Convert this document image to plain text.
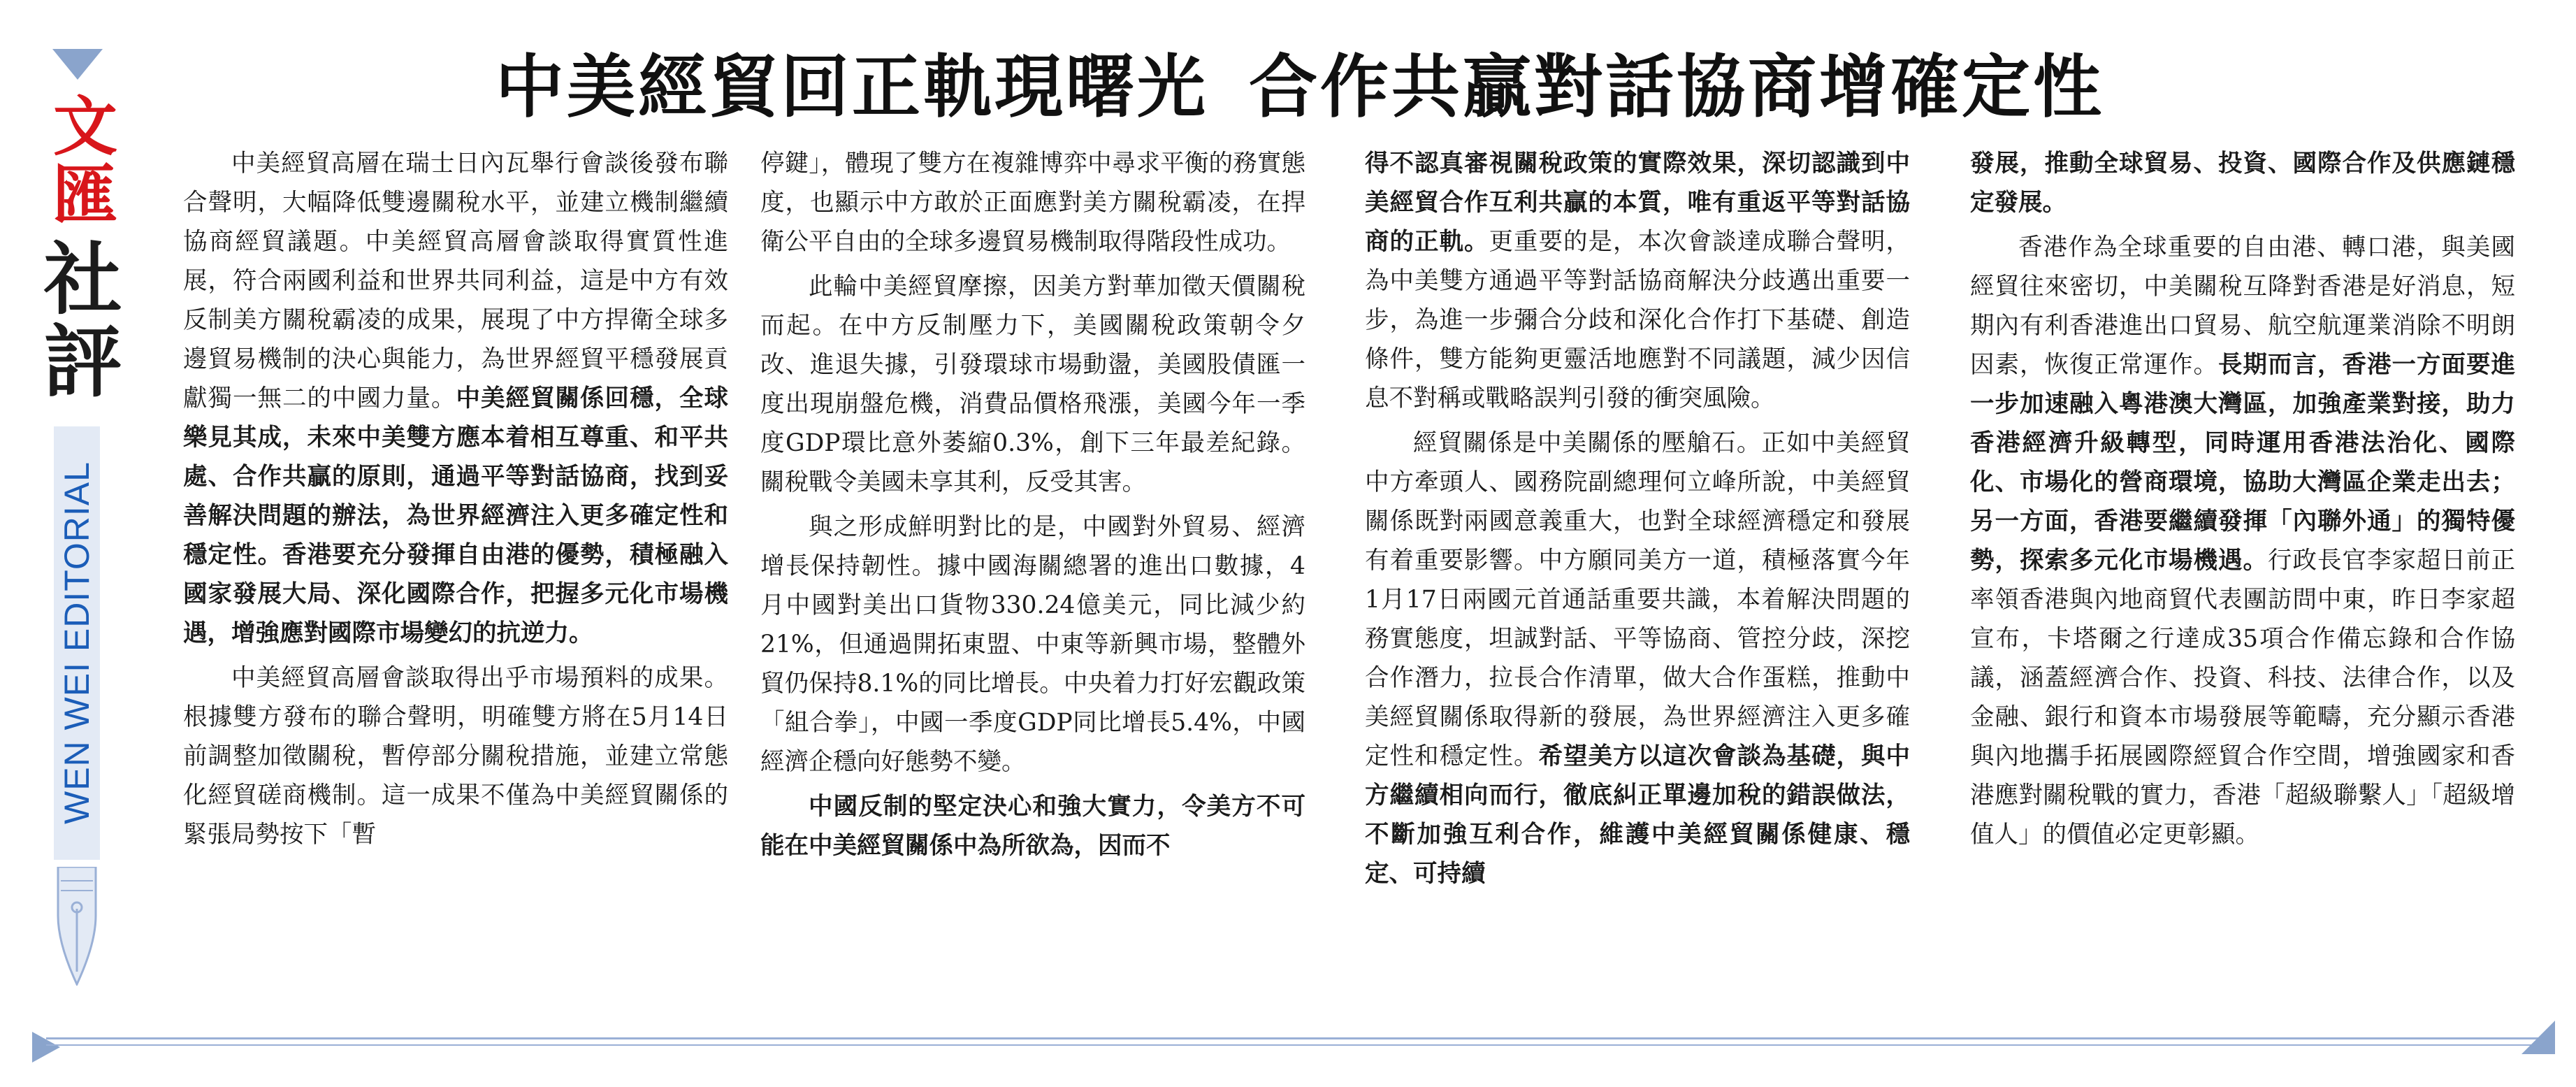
文匯
社評
WEN WEI EDITORIAL
中美經貿回正軌現曙光 合作共贏對話協商增確定性

中美經貿高層在瑞士日內瓦舉行會談後發布聯合聲明，大幅降低雙邊關稅水平，並建立機制繼續協商經貿議題。中美經貿高層會談取得實質性進展，符合兩國利益和世界共同利益，這是中方有效反制美方關稅霸凌的成果，展現了中方捍衛全球多邊貿易機制的決心與能力，為世界經貿平穩發展貢獻獨一無二的中國力量。中美經貿關係回穩，全球樂見其成，未來中美雙方應本着相互尊重、和平共處、合作共贏的原則，通過平等對話協商，找到妥善解決問題的辦法，為世界經濟注入更多確定性和穩定性。香港要充分發揮自由港的優勢，積極融入國家發展大局、深化國際合作，把握多元化市場機遇，增強應對國際市場變幻的抗逆力。

中美經貿高層會談取得出乎市場預料的成果。根據雙方發布的聯合聲明，明確雙方將在5月14日前調整加徵關稅，暫停部分關稅措施，並建立常態化經貿磋商機制。這一成果不僅為中美經貿關係的緊張局勢按下「暫

停鍵」，體現了雙方在複雜博弈中尋求平衡的務實態度，也顯示中方敢於正面應對美方關稅霸凌，在捍衛公平自由的全球多邊貿易機制取得階段性成功。

此輪中美經貿摩擦，因美方對華加徵天價關稅而起。在中方反制壓力下，美國關稅政策朝令夕改、進退失據，引發環球市場動盪，美國股債匯一度出現崩盤危機，消費品價格飛漲，美國今年一季度GDP環比意外萎縮0.3%，創下三年最差紀錄。關稅戰令美國未享其利，反受其害。

與之形成鮮明對比的是，中國對外貿易、經濟增長保持韌性。據中國海關總署的進出口數據，4月中國對美出口貨物330.24億美元，同比減少約21%，但通過開拓東盟、中東等新興市場，整體外貿仍保持8.1%的同比增長。中央着力打好宏觀政策「組合拳」，中國一季度GDP同比增長5.4%，中國經濟企穩向好態勢不變。

中國反制的堅定決心和強大實力，令美方不可能在中美經貿關係中為所欲為，因而不

得不認真審視關稅政策的實際效果，深切認識到中美經貿合作互利共贏的本質，唯有重返平等對話協商的正軌。更重要的是，本次會談達成聯合聲明，為中美雙方通過平等對話協商解決分歧邁出重要一步，為進一步彌合分歧和深化合作打下基礎、創造條件，雙方能夠更靈活地應對不同議題，減少因信息不對稱或戰略誤判引發的衝突風險。

經貿關係是中美關係的壓艙石。正如中美經貿中方牽頭人、國務院副總理何立峰所說，中美經貿關係既對兩國意義重大，也對全球經濟穩定和發展有着重要影響。中方願同美方一道，積極落實今年1月17日兩國元首通話重要共識，本着解決問題的務實態度，坦誠對話、平等協商、管控分歧，深挖合作潛力，拉長合作清單，做大合作蛋糕，推動中美經貿關係取得新的發展，為世界經濟注入更多確定性和穩定性。希望美方以這次會談為基礎，與中方繼續相向而行，徹底糾正單邊加稅的錯誤做法，不斷加強互利合作，維護中美經貿關係健康、穩定、可持續

發展，推動全球貿易、投資、國際合作及供應鏈穩定發展。

香港作為全球重要的自由港、轉口港，與美國經貿往來密切，中美關稅互降對香港是好消息，短期內有利香港進出口貿易、航空航運業消除不明朗因素，恢復正常運作。長期而言，香港一方面要進一步加速融入粵港澳大灣區，加強產業對接，助力香港經濟升級轉型，同時運用香港法治化、國際化、市場化的營商環境，協助大灣區企業走出去；另一方面，香港要繼續發揮「內聯外通」的獨特優勢，探索多元化市場機遇。行政長官李家超日前正率領香港與內地商貿代表團訪問中東，昨日李家超宣布，卡塔爾之行達成35項合作備忘錄和合作協議，涵蓋經濟合作、投資、科技、法律合作，以及金融、銀行和資本市場發展等範疇，充分顯示香港與內地攜手拓展國際經貿合作空間，增強國家和香港應對關稅戰的實力，香港「超級聯繫人」「超級增值人」的價值必定更彰顯。
